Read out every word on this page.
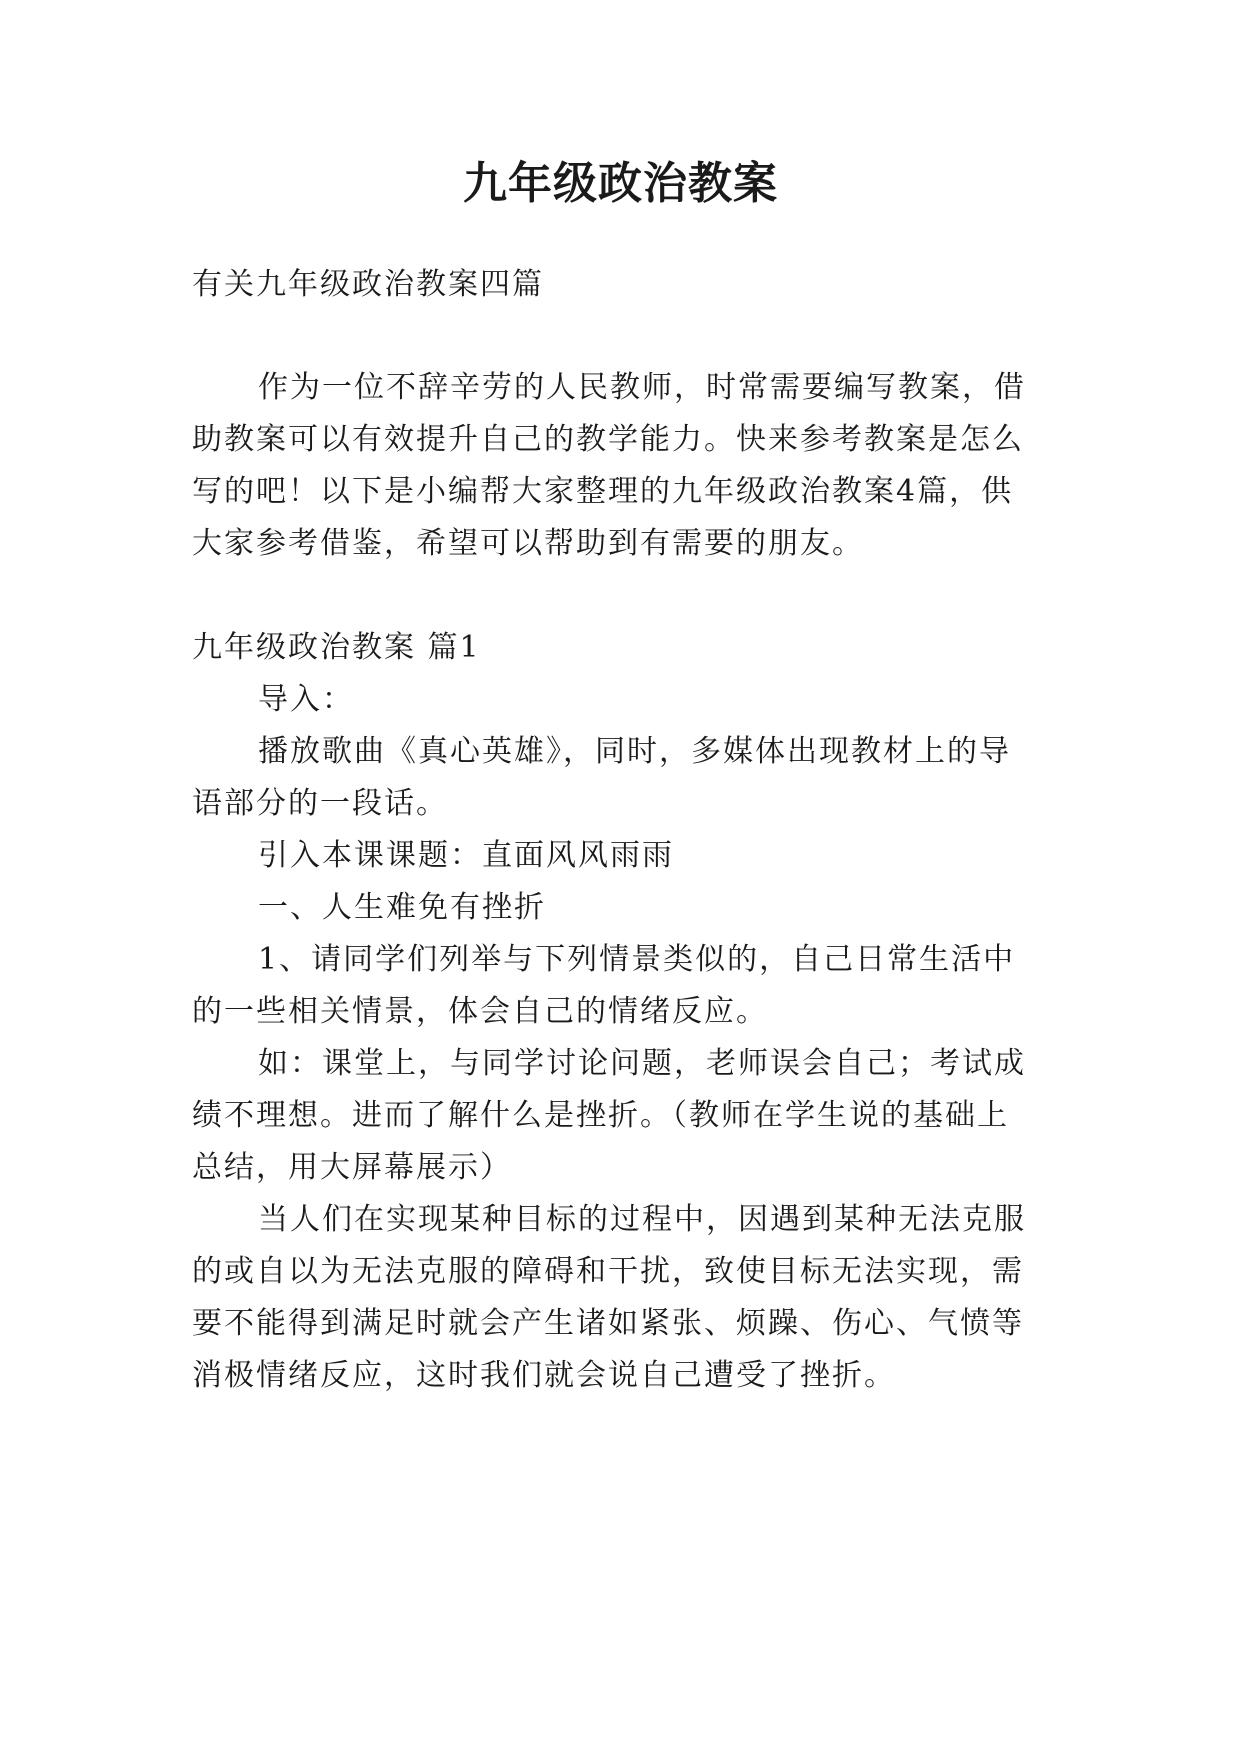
九年级政治教案
有关九年级政治教案四篇
作为一位不辞辛劳的人民教师，时常需要编写教案，借
助教案可以有效提升自己的教学能力。快来参考教案是怎么
写的吧！以下是小编帮大家整理的九年级政治教案4篇，供
大家参考借鉴，希望可以帮助到有需要的朋友。
九年级政治教案 篇1
导入：
播放歌曲《真心英雄》，同时，多媒体出现教材上的导
语部分的一段话。
引入本课课题：直面风风雨雨
一、人生难免有挫折
1、请同学们列举与下列情景类似的，自己日常生活中
的一些相关情景，体会自己的情绪反应。
如：课堂上，与同学讨论问题，老师误会自己；考试成
绩不理想。进而了解什么是挫折。（教师在学生说的基础上
总结，用大屏幕展示）
当人们在实现某种目标的过程中，因遇到某种无法克服
的或自以为无法克服的障碍和干扰，致使目标无法实现，需
要不能得到满足时就会产生诸如紧张、烦躁、伤心、气愤等
消极情绪反应，这时我们就会说自己遭受了挫折。
